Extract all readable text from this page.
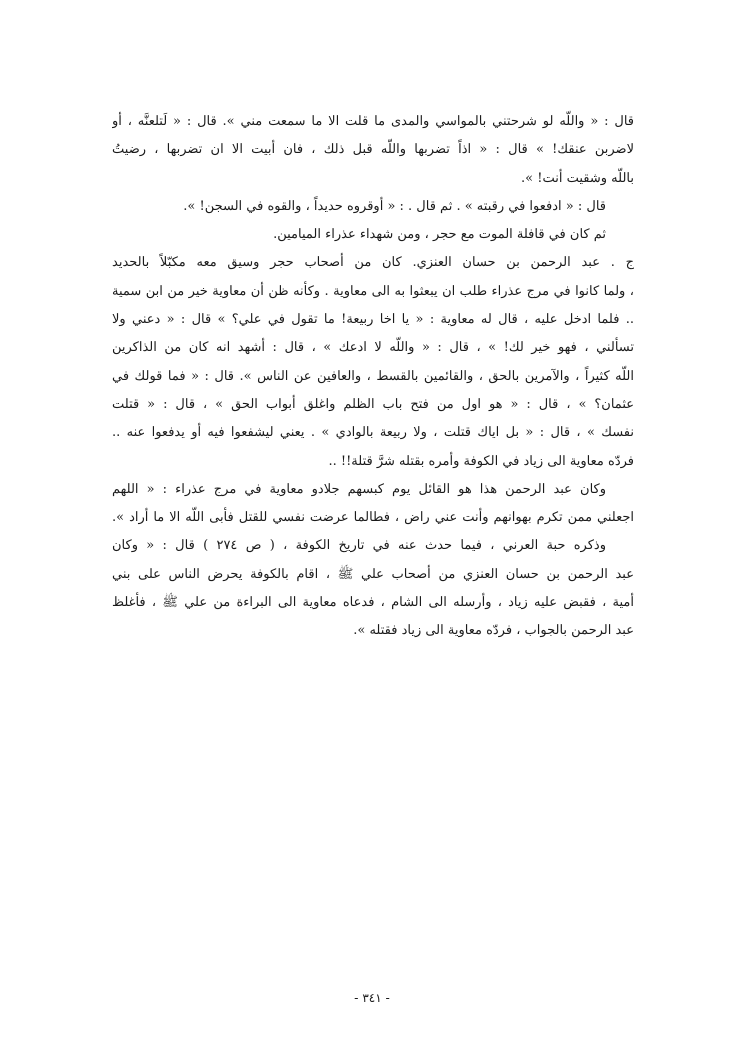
قال : « واللّه لو شرحتني بالمواسي والمدى ما قلت الا ما سمعت مني ». قال : « لَتلعنَّه ، أو
لاضربن عنقك! » قال : « اذاً تضربها واللّه قبل ذلك ، فان أبيت الا ان تضربها ، رضيتُ
باللّه وشقيت أنت! ».
قال : « ادفعوا في رقبته » . ثم قال . : « أوقروه حديداً ، والقوه في السجن! ».
ثم كان في قافلة الموت مع حجر ، ومن شهداء عذراء الميامين.
ج . عبد الرحمن بن حسان العنزي. كان من أصحاب حجر وسيق معه مكبّلاً بالحديد
، ولما كانوا في مرج عذراء طلب ان يبعثوا به الى معاوية . وكأنه ظن أن معاوية خير من ابن سمية
.. فلما ادخل عليه ، قال له معاوية : « يا اخا ربيعة! ما تقول في علي؟ » قال : « دعني ولا
تسألني ، فهو خير لك! » ، قال : « واللّه لا ادعك » ، قال : أشهد انه كان من الذاكرين
اللّه كثيراً ، والآمرين بالحق ، والقائمين بالقسط ، والعافين عن الناس ». قال : « فما قولك في
عثمان؟ » ، قال : « هو اول من فتح باب الظلم واغلق أبواب الحق » ، قال : « قتلت
نفسك » ، قال : « بل اياك قتلت ، ولا ربيعة بالوادي » . يعني ليشفعوا فيه أو يدفعوا عنه ..
فردّه معاوية الى زياد في الكوفة وأمره بقتله شرَّ قتلة!! ..
وكان عبد الرحمن هذا هو القائل يوم كبسهم جلادو معاوية في مرج عذراء : « اللهم
اجعلني ممن تكرم بهوانهم وأنت عني راض ، فطالما عرضت نفسي للقتل فأبى اللّه الا ما أراد ».
وذكره حبة العرني ، فيما حدث عنه في تاريخ الكوفة ، ( ص ٢٧٤ ) قال : « وكان
عبد الرحمن بن حسان العنزي من أصحاب علي ﷺ ، اقام بالكوفة يحرض الناس على بني
أمية ، فقبض عليه زياد ، وأرسله الى الشام ، فدعاه معاوية الى البراءة من علي ﷺ ، فأغلظ
عبد الرحمن بالجواب ، فردّه معاوية الى زياد فقتله ».
- ٣٤١ -
